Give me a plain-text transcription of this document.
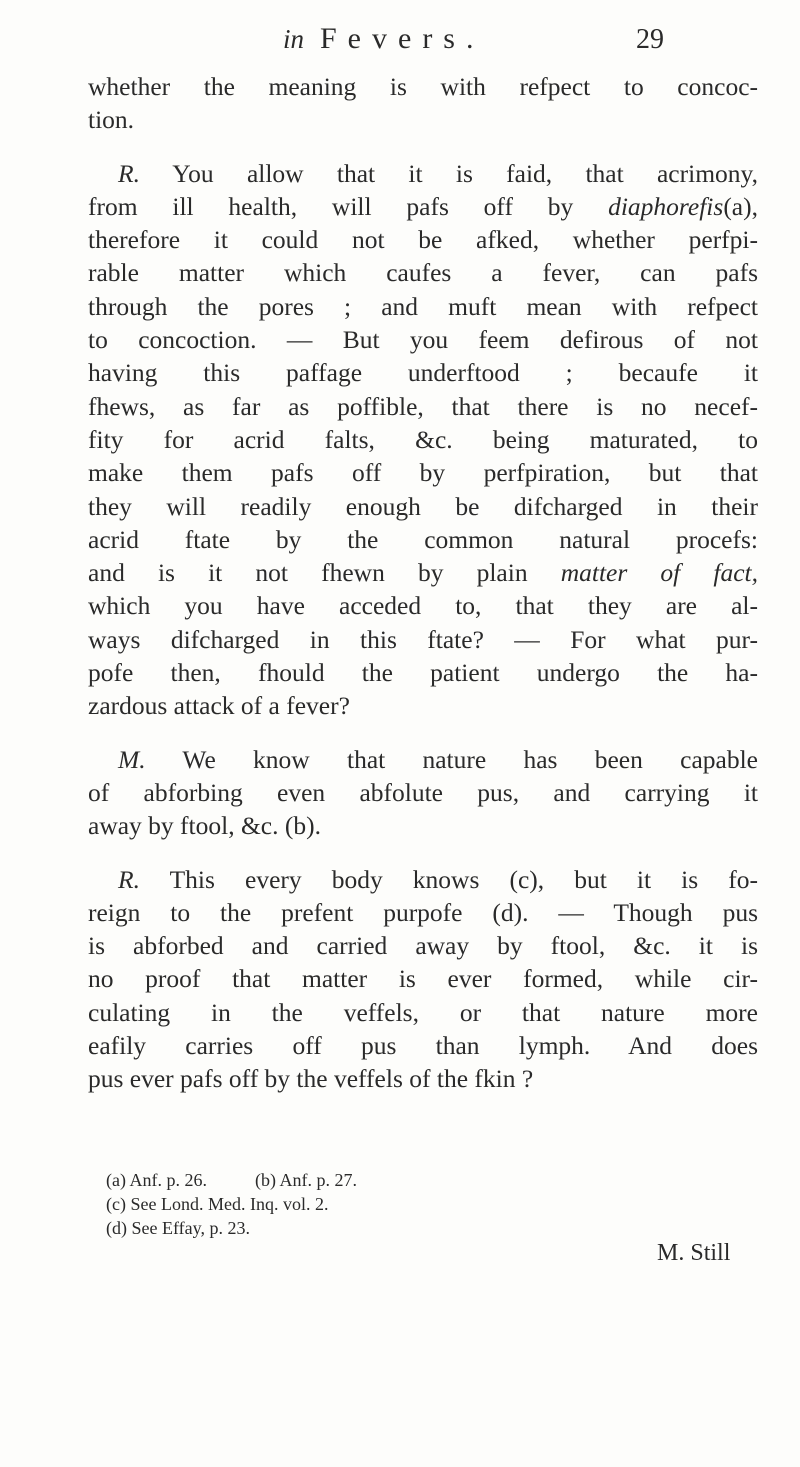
in Fevers.	29
whether the meaning is with refpect to concoc-
tion.
R. You allow that it is faid, that acrimony,
from ill health, will pafs off by diaphorefis(a),
therefore it could not be afked, whether perfpi-
rable matter which caufes a fever, can pafs
through the pores ; and muft mean with refpect
to concoction. — But you feem defirous of not
having this paffage underftood ; becaufe it
fhews, as far as poffible, that there is no necef-
fity for acrid falts, &c. being maturated, to
make them pafs off by perfpiration, but that
they will readily enough be difcharged in their
acrid ftate by the common natural procefs:
and is it not fhewn by plain matter of fact,
which you have acceded to, that they are al-
ways difcharged in this ftate? — For what pur-
pofe then, fhould the patient undergo the ha-
zardous attack of a fever?
M. We know that nature has been capable
of abforbing even abfolute pus, and carrying it
away by ftool, &c. (b).
R. This every body knows (c), but it is fo-
reign to the prefent purpofe (d). — Though pus
is abforbed and carried away by ftool, &c. it is
no proof that matter is ever formed, while cir-
culating in the veffels, or that nature more
eafily carries off pus than lymph. And does
pus ever pafs off by the veffels of the fkin ?
(a) Anf. p. 26.	(b) Anf. p. 27.
(c) See Lond. Med. Inq. vol. 2.
(d) See Effay, p. 23.
M. Still
